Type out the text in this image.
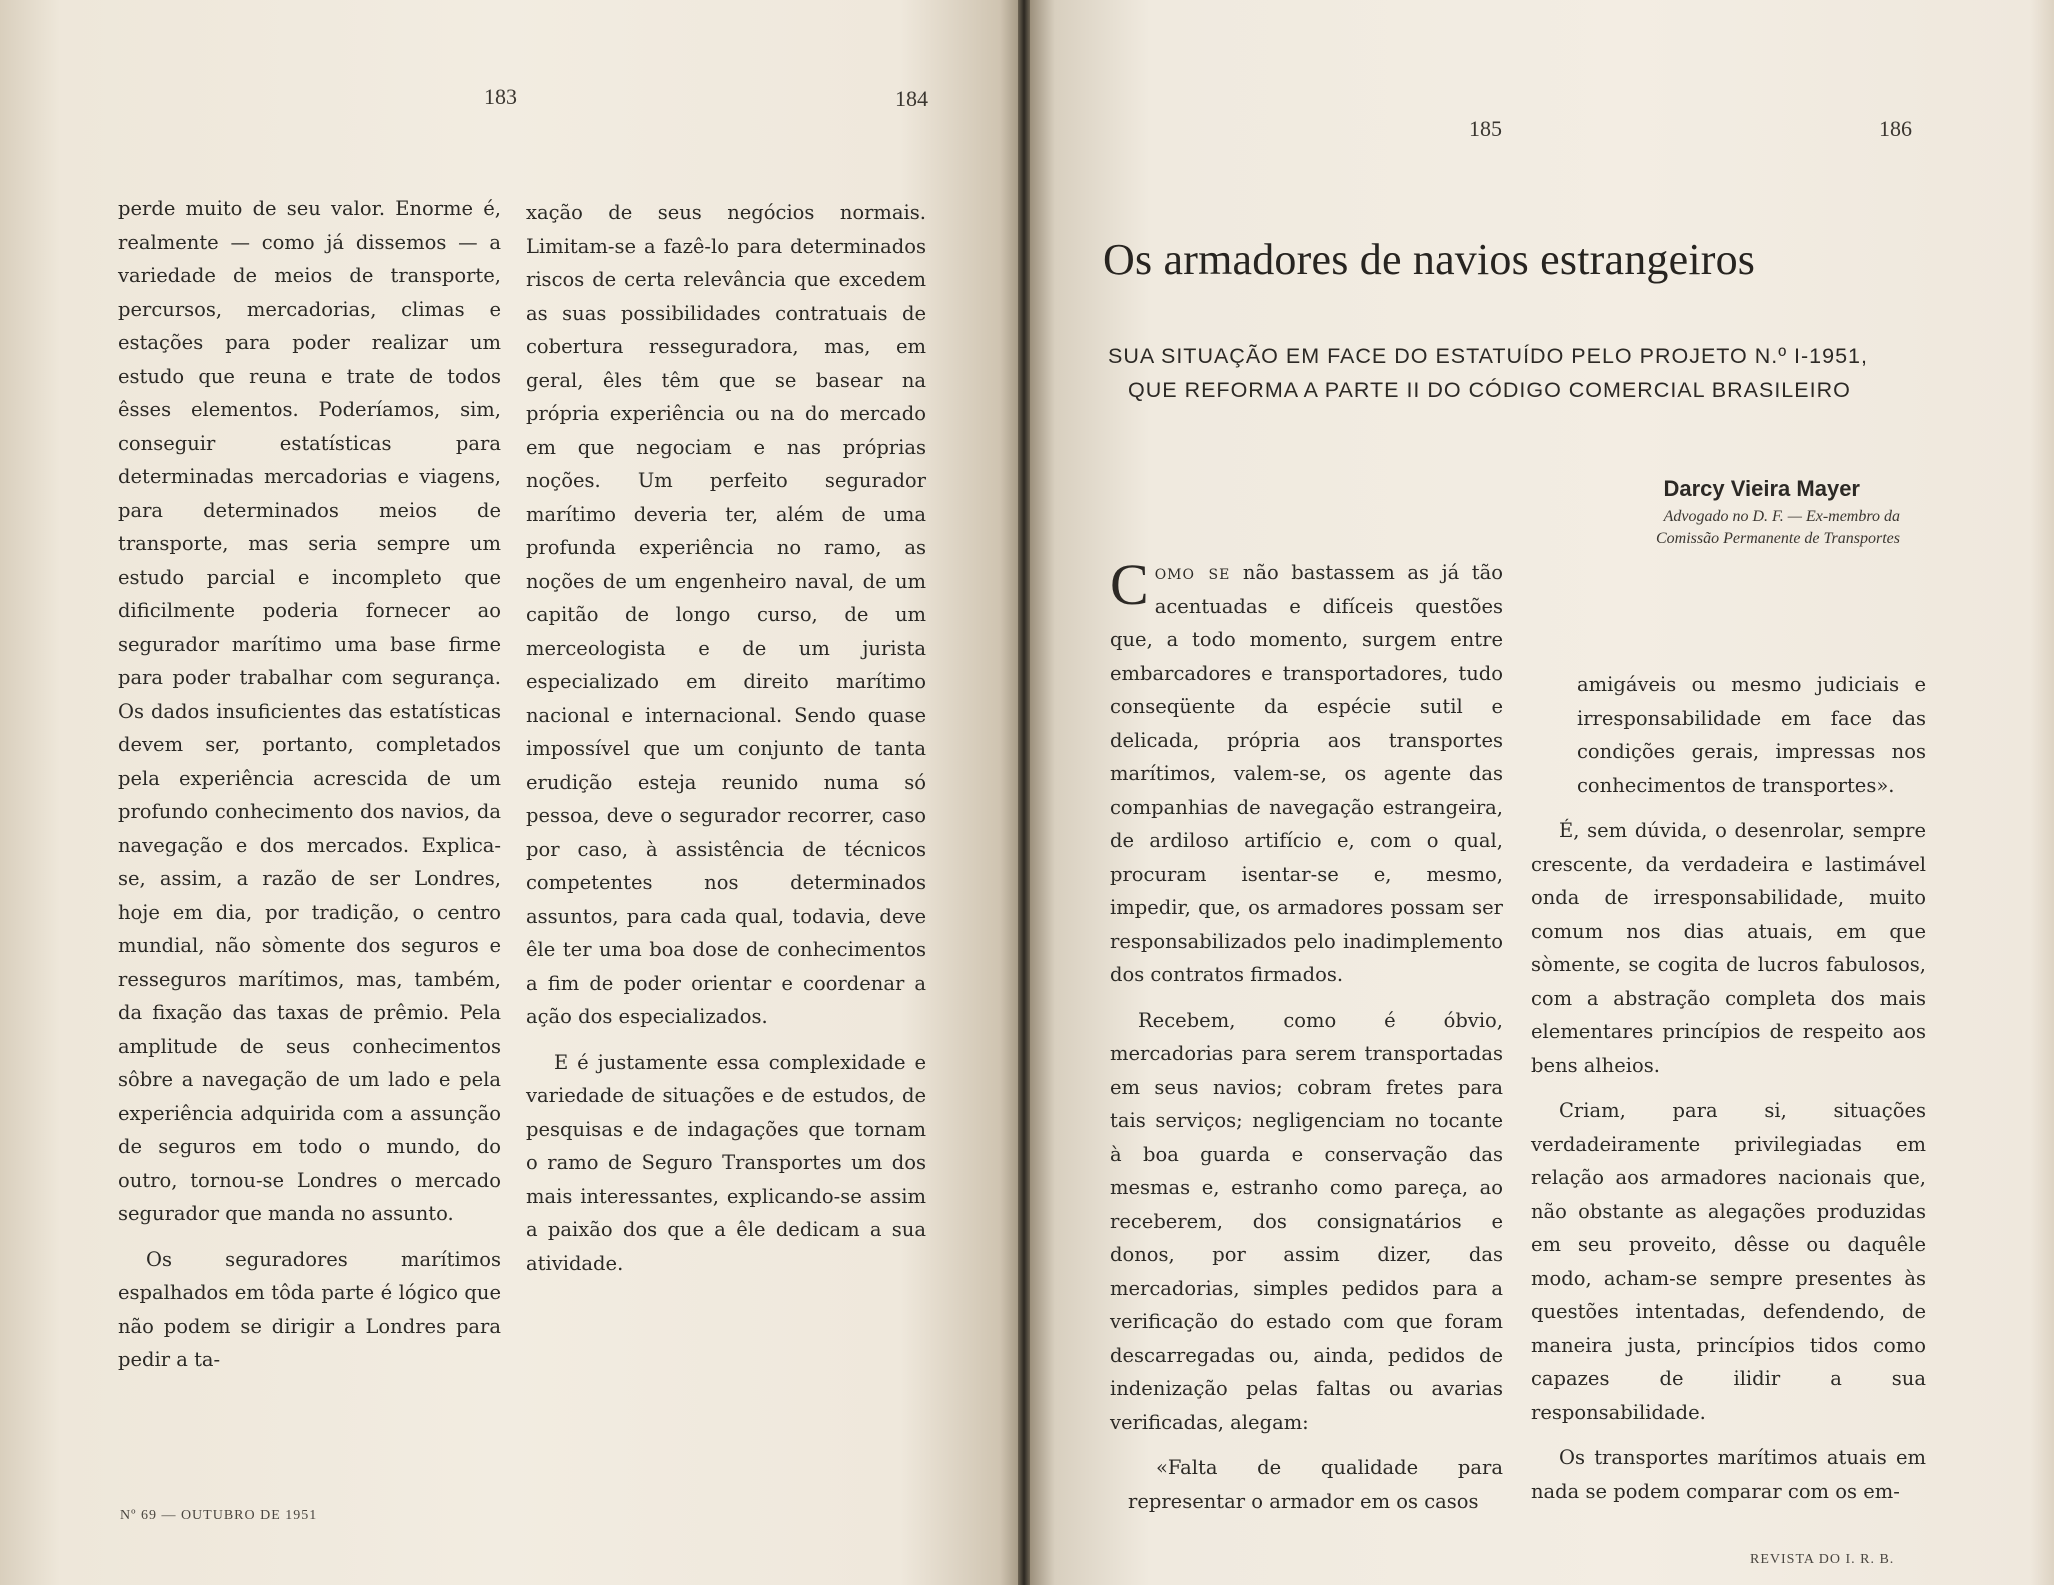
183	184
185	186

perde muito de seu valor. Enorme é, realmente — como já dissemos — a variedade de meios de transporte, percursos, mercadorias, climas e estações para poder realizar um estudo que reuna e trate de todos êsses elementos. Poderíamos, sim, conseguir estatísticas para determinadas mercadorias e viagens, para determinados meios de transporte, mas seria sempre um estudo parcial e incompleto que dificilmente poderia fornecer ao segurador marítimo uma base firme para poder trabalhar com segurança. Os dados insuficientes das estatísticas devem ser, portanto, completados pela experiência acrescida de um profundo conhecimento dos navios, da navegação e dos mercados. Explica-se, assim, a razão de ser Londres, hoje em dia, por tradição, o centro mundial, não sòmente dos seguros e resseguros marítimos, mas, também, da fixação das taxas de prêmio. Pela amplitude de seus conhecimentos sôbre a navegação de um lado e pela experiência adquirida com a assunção de seguros em todo o mundo, do outro, tornou-se Londres o mercado segurador que manda no assunto.

Os seguradores marítimos espalhados em tôda parte é lógico que não podem se dirigir a Londres para pedir a ta-

xação de seus negócios normais. Limitam-se a fazê-lo para determinados riscos de certa relevância que excedem as suas possibilidades contratuais de cobertura resseguradora, mas, em geral, êles têm que se basear na própria experiência ou na do mercado em que negociam e nas próprias noções. Um perfeito segurador marítimo deveria ter, além de uma profunda experiência no ramo, as noções de um engenheiro naval, de um capitão de longo curso, de um merceologista e de um jurista especializado em direito marítimo nacional e internacional. Sendo quase impossível que um conjunto de tanta erudição esteja reunido numa só pessoa, deve o segurador recorrer, caso por caso, à assistência de técnicos competentes nos determinados assuntos, para cada qual, todavia, deve êle ter uma boa dose de conhecimentos a fim de poder orientar e coordenar a ação dos especializados.

E é justamente essa complexidade e variedade de situações e de estudos, de pesquisas e de indagações que tornam o ramo de Seguro Transportes um dos mais interessantes, explicando-se assim a paixão dos que a êle dedicam a sua atividade.

Nº 69 — OUTUBRO DE 1951
Os armadores de navios estrangeiros
SUA SITUAÇÃO EM FACE DO ESTATUÍDO PELO PROJETO N.º I-1951,
QUE REFORMA A PARTE II DO CÓDIGO COMERCIAL BRASILEIRO
Darcy Vieira Mayer
Advogado no D. F. — Ex-membro da
Comissão Permanente de Transportes

Como se não bastassem as já tão acentuadas e difíceis questões que, a todo momento, surgem entre embarcadores e transportadores, tudo conseqüente da espécie sutil e delicada, própria aos transportes marítimos, valem-se, os agente das companhias de navegação estrangeira, de ardiloso artifício e, com o qual, procuram isentar-se e, mesmo, impedir, que, os armadores possam ser responsabilizados pelo inadimplemento dos contratos firmados.

Recebem, como é óbvio, mercadorias para serem transportadas em seus navios; cobram fretes para tais serviços; negligenciam no tocante à boa guarda e conservação das mesmas e, estranho como pareça, ao receberem, dos consignatários e donos, por assim dizer, das mercadorias, simples pedidos para a verificação do estado com que foram descarregadas ou, ainda, pedidos de indenização pelas faltas ou avarias verificadas, alegam:

«Falta de qualidade para representar o armador em os casos

amigáveis ou mesmo judiciais e irresponsabilidade em face das condições gerais, impressas nos conhecimentos de transportes».

É, sem dúvida, o desenrolar, sempre crescente, da verdadeira e lastimável onda de irresponsabilidade, muito comum nos dias atuais, em que sòmente, se cogita de lucros fabulosos, com a abstração completa dos mais elementares princípios de respeito aos bens alheios.

Criam, para si, situações verdadeiramente privilegiadas em relação aos armadores nacionais que, não obstante as alegações produzidas em seu proveito, dêsse ou daquêle modo, acham-se sempre presentes às questões intentadas, defendendo, de maneira justa, princípios tidos como capazes de ilidir a sua responsabilidade.

Os transportes marítimos atuais em nada se podem comparar com os em-

REVISTA DO I. R. B.
